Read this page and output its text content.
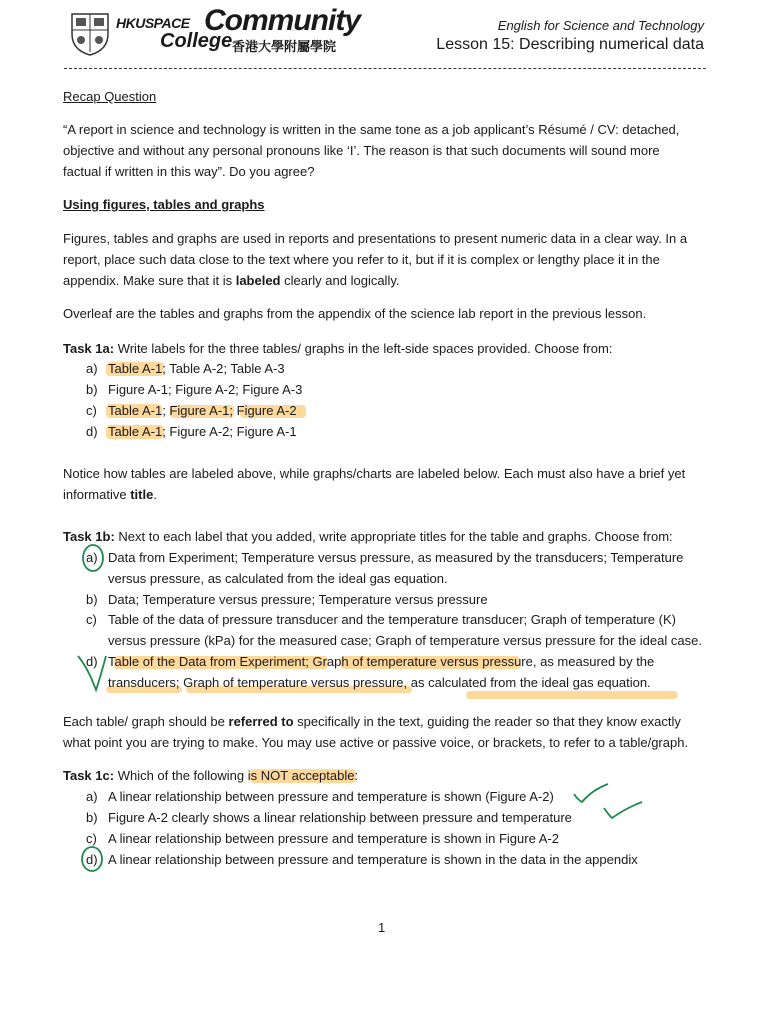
HKUSPACE Community
College 香港大學附屬學院
English for Science and Technology
Lesson 15: Describing numerical data
Recap Question
“A report in science and technology is written in the same tone as a job applicant’s Résumé / CV: detached,
objective and without any personal pronouns like ‘I’. The reason is that such documents will sound more
factual if written in this way”. Do you agree?
Using figures, tables and graphs
Figures, tables and graphs are used in reports and presentations to present numeric data in a clear way. In a
report, place such data close to the text where you refer to it, but if it is complex or lengthy place it in the
appendix. Make sure that it is labeled clearly and logically.
Overleaf are the tables and graphs from the appendix of the science lab report in the previous lesson.
Task 1a: Write labels for the three tables/ graphs in the left-side spaces provided. Choose from:
a) Table A-1; Table A-2; Table A-3
b) Figure A-1; Figure A-2; Figure A-3
c) Table A-1; Figure A-1; Figure A-2
d) Table A-1; Figure A-2; Figure A-1
Notice how tables are labeled above, while graphs/charts are labeled below. Each must also have a brief yet
informative title.
Task 1b: Next to each label that you added, write appropriate titles for the table and graphs. Choose from:
a) Data from Experiment; Temperature versus pressure, as measured by the transducers; Temperature
versus pressure, as calculated from the ideal gas equation.
b) Data; Temperature versus pressure; Temperature versus pressure
c) Table of the data of pressure transducer and the temperature transducer; Graph of temperature (K)
versus pressure (kPa) for the measured case; Graph of temperature versus pressure for the ideal case.
d) Table of the Data from Experiment; Graph of temperature versus pressure, as measured by the
transducers; Graph of temperature versus pressure, as calculated from the ideal gas equation.
Each table/ graph should be referred to specifically in the text, guiding the reader so that they know exactly
what point you are trying to make. You may use active or passive voice, or brackets, to refer to a table/graph.
Task 1c: Which of the following is NOT acceptable:
a) A linear relationship between pressure and temperature is shown (Figure A-2)
b) Figure A-2 clearly shows a linear relationship between pressure and temperature
c) A linear relationship between pressure and temperature is shown in Figure A-2
d) A linear relationship between pressure and temperature is shown in the data in the appendix
1
